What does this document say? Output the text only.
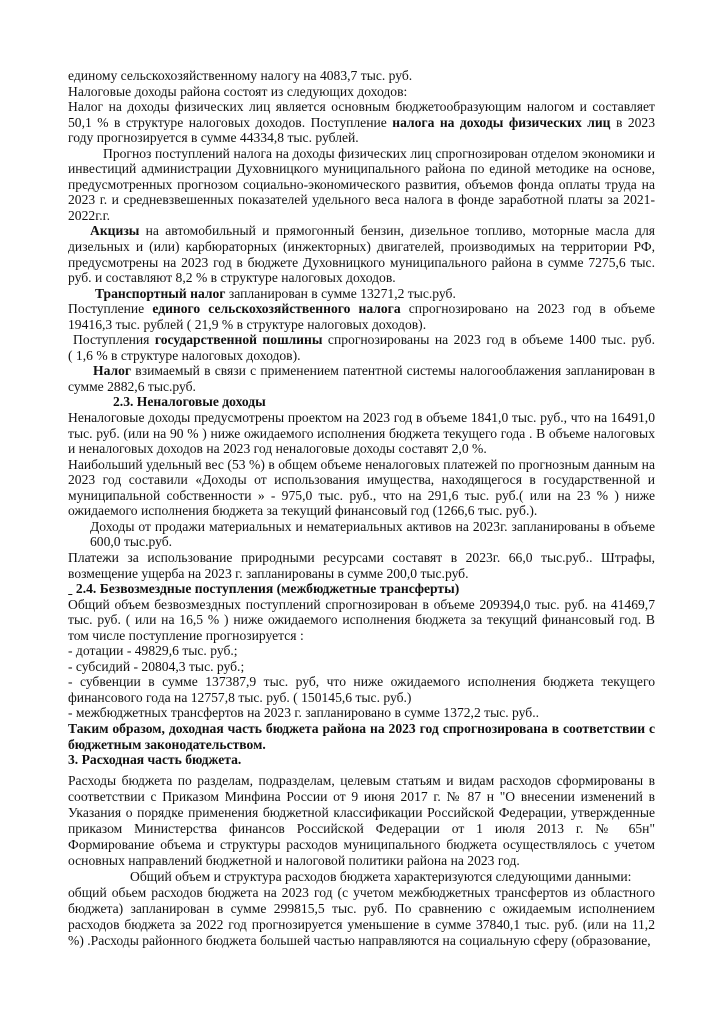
единому сельскохозяйственному налогу на 4083,7 тыс. руб.
Налоговые доходы района состоят из следующих доходов:
Налог на доходы физических лиц является основным бюджетообразующим налогом и составляет
50,1 % в структуре налоговых доходов. Поступление налога на доходы физических лиц в 2023
году прогнозируется в сумме 44334,8 тыс. рублей.
Прогноз поступлений налога на доходы физических лиц спрогнозирован отделом экономики и
инвестиций администрации Духовницкого муниципального района по единой методике на основе,
предусмотренных прогнозом социально-экономического развития, объемов фонда оплаты труда на
2023 г. и средневзвешенных показателей удельного веса налога в фонде заработной платы за 2021-
2022г.г.
Акцизы на автомобильный и прямогонный бензин, дизельное топливо, моторные масла для
дизельных и (или) карбюраторных (инжекторных) двигателей, производимых на территории РФ,
предусмотрены на 2023 год в бюджете Духовницкого муниципального района в сумме 7275,6 тыс.
руб. и составляют 8,2 % в структуре налоговых доходов.
Транспортный налог запланирован в сумме 13271,2 тыс.руб.
Поступление единого сельскохозяйственного налога спрогнозировано на 2023 год в объеме
19416,3 тыс. рублей ( 21,9 % в структуре налоговых доходов).
Поступления государственной пошлины спрогнозированы на 2023 год в объеме 1400 тыс. руб.
( 1,6 % в структуре налоговых доходов).
Налог взимаемый в связи с применением патентной системы налогооблажения запланирован в
сумме 2882,6 тыс.руб.
2.3. Неналоговые доходы
Неналоговые доходы предусмотрены проектом на 2023 год в объеме 1841,0 тыс. руб., что на 16491,0
тыс. руб. (или на 90 % ) ниже ожидаемого исполнения бюджета текущего года . В объеме налоговых
и неналоговых доходов на 2023 год неналоговые доходы составят 2,0 %.
Наибольший удельный вес (53 %) в общем объеме неналоговых платежей по прогнозным данным на
2023 год составили «Доходы от использования имущества, находящегося в государственной и
муниципальной собственности » - 975,0 тыс. руб., что на 291,6 тыс. руб.( или на 23 % ) ниже
ожидаемого исполнения бюджета за текущий финансовый год (1266,6 тыс. руб.).
Доходы от продажи материальных и нематериальных активов на 2023г. запланированы в объеме
600,0 тыс.руб.
Платежи за использование природными ресурсами составят в 2023г. 66,0 тыс.руб.. Штрафы,
возмещение ущерба на 2023 г. запланированы в сумме 200,0 тыс.руб.
ˍ 2.4. Безвозмездные поступления (межбюджетные трансферты)
Общий объем безвозмездных поступлений спрогнозирован в объеме 209394,0 тыс. руб. на 41469,7
тыс. руб. ( или на 16,5 % ) ниже ожидаемого исполнения бюджета за текущий финансовый год. В
том числе поступление прогнозируется :
- дотации - 49829,6 тыс. руб.;
- субсидий - 20804,3 тыс. руб.;
- субвенции в сумме 137387,9 тыс. руб, что ниже ожидаемого исполнения бюджета текущего
финансового года на 12757,8 тыс. руб. ( 150145,6 тыс. руб.)
- межбюджетных трансфертов на 2023 г. запланировано в сумме 1372,2 тыс. руб..
Таким образом, доходная часть бюджета района на 2023 год спрогнозирована в соответствии с
бюджетным законодательством.
3. Расходная часть бюджета.
Расходы бюджета по разделам, подразделам, целевым статьям и видам расходов сформированы в
соответствии с Приказом Минфина России от 9 июня 2017 г. № 87 н "О внесении изменений в
Указания о порядке применения бюджетной классификации Российской Федерации, утвержденные
приказом Министерства финансов Российской Федерации от 1 июля 2013 г. № 65н"
Формирование объема и структуры расходов муниципального бюджета осуществлялось с учетом
основных направлений бюджетной и налоговой политики района на 2023 год.
Общий объем и структура расходов бюджета характеризуются следующими данными:
общий обьем расходов бюджета на 2023 год (с учетом межбюджетных трансфертов из областного
бюджета) запланирован в сумме 299815,5 тыс. руб. По сравнению с ожидаемым исполнением
расходов бюджета за 2022 год прогнозируется уменьшение в сумме 37840,1 тыс. руб. (или на 11,2
%) .Расходы районного бюджета большей частью направляются на социальную сферу (образование,
